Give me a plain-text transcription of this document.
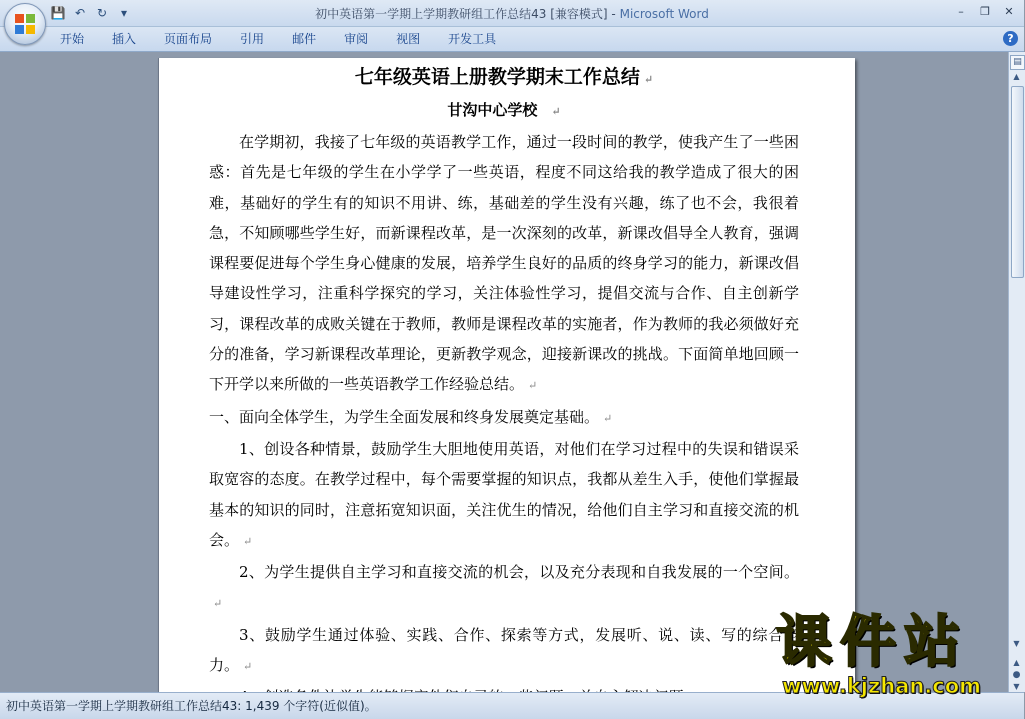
💾 ↶ ↻	▾	初中英语第一学期上学期教研组工作总结43 [兼容模式] - Microsoft Word	–	❐	✕
开始	插入	页面布局	引用	邮件	审阅	视图	开发工具	?

七年级英语上册教学期末工作总结 ↵

甘沟中心学校 ↵

在学期初，我接了七年级的英语教学工作，通过一段时间的教学，使我产生了一些困惑：首先是七年级的学生在小学学了一些英语，程度不同这给我的教学造成了很大的困难，基础好的学生有的知识不用讲、练，基础差的学生没有兴趣，练了也不会，我很着急，不知顾哪些学生好，而新课程改革，是一次深刻的改革，新课改倡导全人教育，强调课程要促进每个学生身心健康的发展，培养学生良好的品质的终身学习的能力，新课改倡导建设性学习，注重科学探究的学习，关注体验性学习，提倡交流与合作、自主创新学习，课程改革的成败关键在于教师，教师是课程改革的实施者，作为教师的我必须做好充分的准备，学习新课程改革理论，更新教学观念，迎接新课改的挑战。下面简单地回顾一下开学以来所做的一些英语教学工作经验总结。 ↵

一、面向全体学生，为学生全面发展和终身发展奠定基础。 ↵

1、创设各种情景，鼓励学生大胆地使用英语，对他们在学习过程中的失误和错误采取宽容的态度。在教学过程中，每个需要掌握的知识点，我都从差生入手，使他们掌握最基本的知识的同时，注意拓宽知识面，关注优生的情况，给他们自主学习和直接交流的机会。 ↵

2、为学生提供自主学习和直接交流的机会，以及充分表现和自我发展的一个空间。↵

3、鼓励学生通过体验、实践、合作、探索等方式，发展听、说、读、写的综合能力。 ↵

▤
▲
▼
▲
●
▼
初中英语第一学期上学期教研组工作总结43: 1,439 个字符(近似值)。
课件站
www.kjzhan.com
